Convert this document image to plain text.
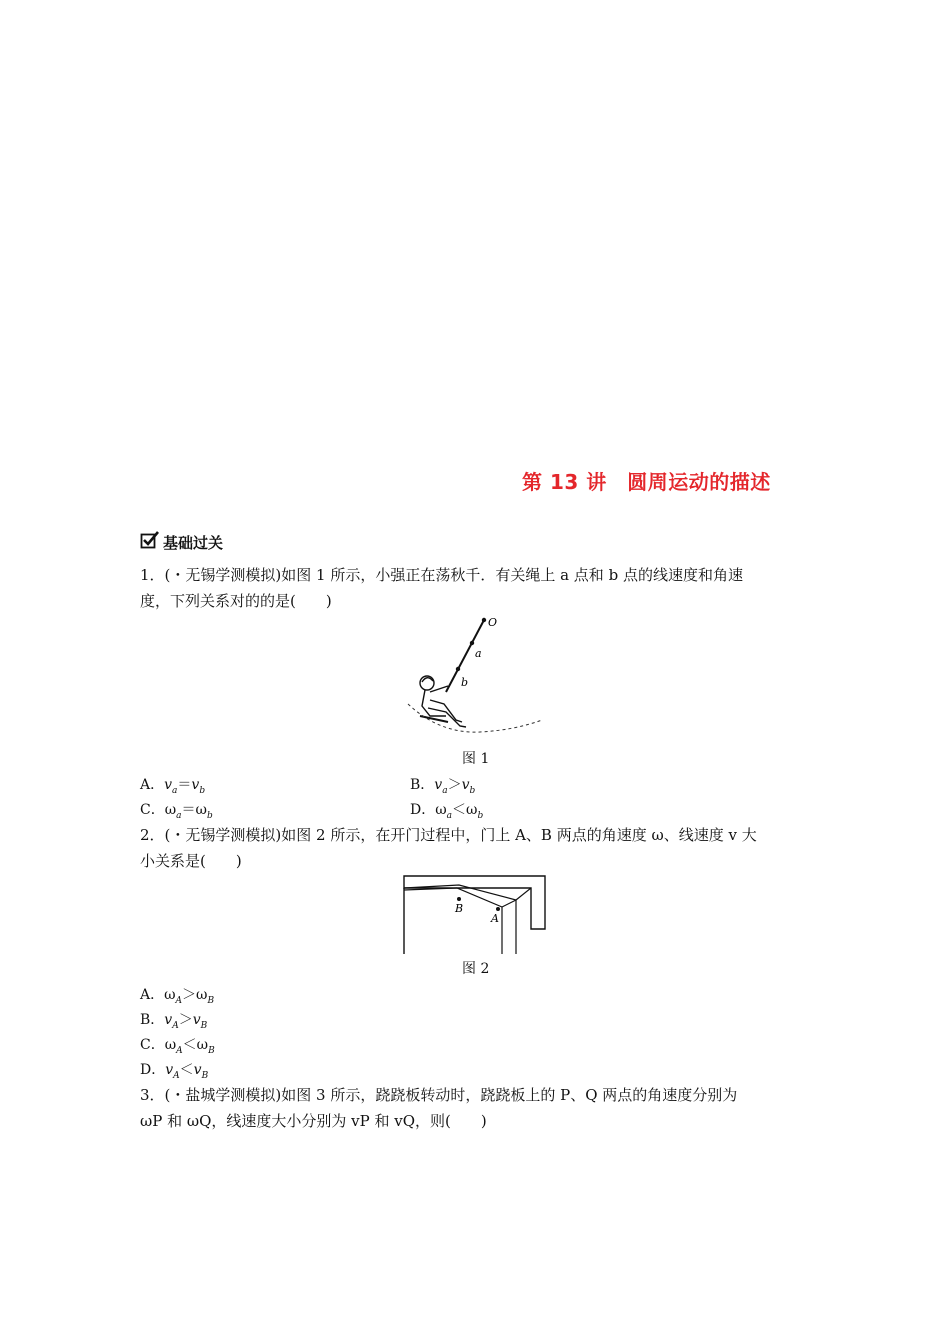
第 13 讲　圆周运动的描述
基础过关
1．(・无锡学测模拟)如图 1 所示，小强正在荡秋千．有关绳上 a 点和 b 点的线速度和角速
度，下列关系对的的是(　　)
O
a
b
图 1
A．$v_a=v_b$	B．$v_a>v_b$
C．$\omega_a=\omega_b$	D．$\omega_a<\omega_b$
2．(・无锡学测模拟)如图 2 所示，在开门过程中，门上 A、B 两点的角速度 ω、线速度 v 大
小关系是(　　)
B
A
图 2
A．$\omega_A>\omega_B$
B．$v_A>v_B$
C．$\omega_A<\omega_B$
D．$v_A<v_B$
3．(・盐城学测模拟)如图 3 所示，跷跷板转动时，跷跷板上的 P、Q 两点的角速度分别为
ωP 和 ωQ，线速度大小分别为 vP 和 vQ，则(　　)
